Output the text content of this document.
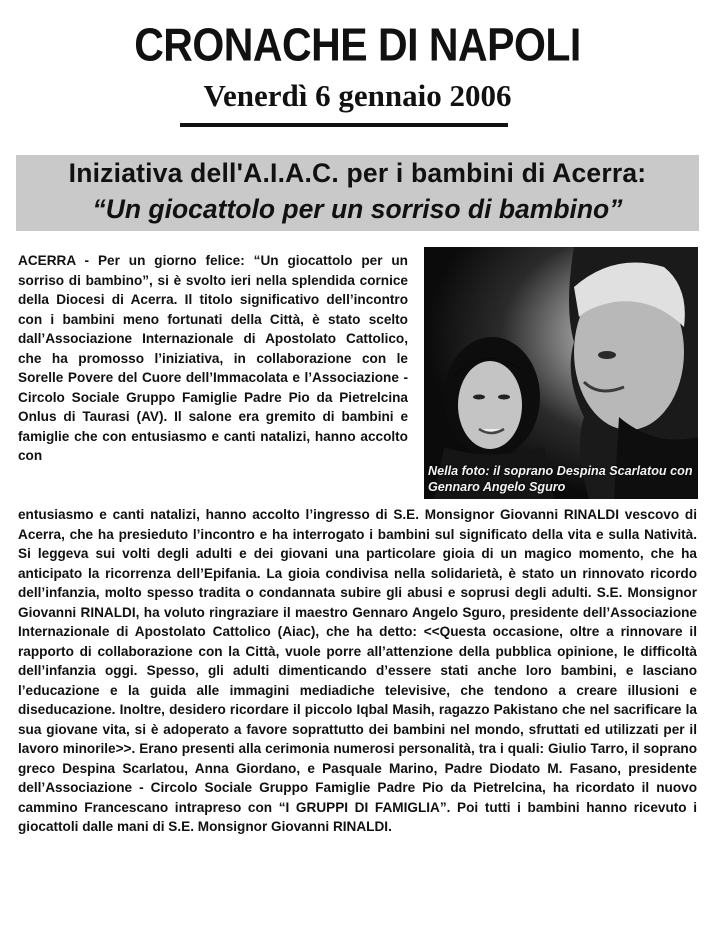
CRONACHE DI NAPOLI
Venerdì 6 gennaio 2006
Iniziativa dell'A.I.A.C. per i bambini di Acerra:
“Un giocattolo per un sorriso di bambino”
ACERRA - Per un giorno felice: “Un giocattolo per un sorriso di bambino”, si è svolto ieri nella splendida cornice della Diocesi di Acerra. Il titolo significativo dell’incontro con i bambini meno fortunati della Città, è stato scelto dall’Associazione Internazionale di Apostolato Cattolico, che ha promosso l’iniziativa, in collaborazione con le Sorelle Povere del Cuore dell’Immacolata e l’Associazione - Circolo Sociale Gruppo Famiglie Padre Pio da Pietrelcina Onlus di Taurasi (AV). Il salone era gremito di bambini e famiglie che con entusiasmo e canti natalizi, hanno accolto con
Nella foto: il soprano Despina Scarlatou con Gennaro Angelo Sguro
entusiasmo e canti natalizi, hanno accolto l’ingresso di S.E. Monsignor Giovanni RINALDI vescovo di Acerra, che ha presieduto l’incontro e ha interrogato i bambini sul significato della vita e sulla Natività. Si leggeva sui volti degli adulti e dei giovani una particolare gioia di un magico momento, che ha anticipato la ricorrenza dell’Epifania. La gioia condivisa nella solidarietà, è stato un rinnovato ricordo dell’infanzia, molto spesso tradita o condannata subire gli abusi e soprusi degli adulti. S.E. Monsignor Giovanni RINALDI, ha voluto ringraziare il maestro Gennaro Angelo Sguro, presidente dell’Associazione Internazionale di Apostolato Cattolico (Aiac), che ha detto: <<Questa occasione, oltre a rinnovare il rapporto di collaborazione con la Città, vuole porre all’attenzione della pubblica opinione, le difficoltà dell’infanzia oggi. Spesso, gli adulti dimenticando d’essere stati anche loro bambini, e lasciano l’educazione e la guida alle immagini mediadiche televisive, che tendono a creare illusioni e diseducazione. Inoltre, desidero ricordare il piccolo Iqbal Masih, ragazzo Pakistano che nel sacrificare la sua giovane vita, si è adoperato a favore soprattutto dei bambini nel mondo, sfruttati ed utilizzati per il lavoro minorile>>. Erano presenti alla cerimonia numerosi personalità, tra i quali: Giulio Tarro, il soprano greco Despina Scarlatou, Anna Giordano, e Pasquale Marino, Padre Diodato M. Fasano, presidente dell’Associazione - Circolo Sociale Gruppo Famiglie Padre Pio da Pietrelcina, ha ricordato il nuovo cammino Francescano intrapreso con “I GRUPPI DI FAMIGLIA”. Poi tutti i bambini hanno ricevuto i giocattoli dalle mani di S.E. Monsignor Giovanni RINALDI.
